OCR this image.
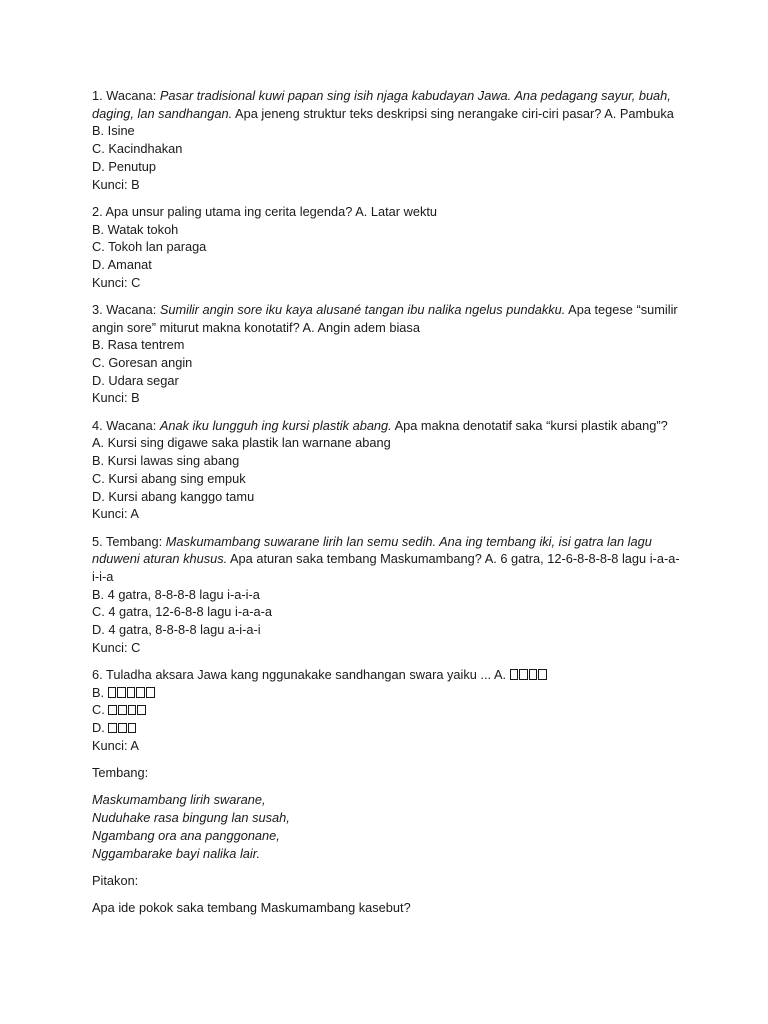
1. Wacana: Pasar tradisional kuwi papan sing isih njaga kabudayan Jawa. Ana pedagang sayur, buah, daging, lan sandhangan. Apa jeneng struktur teks deskripsi sing nerangake ciri-ciri pasar? A. Pambuka
B. Isine
C. Kacindhakan
D. Penutup
Kunci: B
2. Apa unsur paling utama ing cerita legenda? A. Latar wektu
B. Watak tokoh
C. Tokoh lan paraga
D. Amanat
Kunci: C
3. Wacana: Sumilir angin sore iku kaya alusané tangan ibu nalika ngelus pundakku. Apa tegese “sumilir angin sore” miturut makna konotatif? A. Angin adem biasa
B. Rasa tentrem
C. Goresan angin
D. Udara segar
Kunci: B
4. Wacana: Anak iku lungguh ing kursi plastik abang. Apa makna denotatif saka “kursi plastik abang”? A. Kursi sing digawe saka plastik lan warnane abang
B. Kursi lawas sing abang
C. Kursi abang sing empuk
D. Kursi abang kanggo tamu
Kunci: A
5. Tembang: Maskumambang suwarane lirih lan semu sedih. Ana ing tembang iki, isi gatra lan lagu nduweni aturan khusus. Apa aturan saka tembang Maskumambang? A. 6 gatra, 12-6-8-8-8-8 lagu i-a-a-i-i-a
B. 4 gatra, 8-8-8-8 lagu i-a-i-a
C. 4 gatra, 12-6-8-8 lagu i-a-a-a
D. 4 gatra, 8-8-8-8 lagu a-i-a-i
Kunci: C
6. Tuladha aksara Jawa kang nggunakake sandhangan swara yaiku ... A.
B.
C.
D.
Kunci: A
Tembang:
Maskumambang lirih swarane,
Nuduhake rasa bingung lan susah,
Ngambang ora ana panggonane,
Nggambarake bayi nalika lair.
Pitakon:
Apa ide pokok saka tembang Maskumambang kasebut?
